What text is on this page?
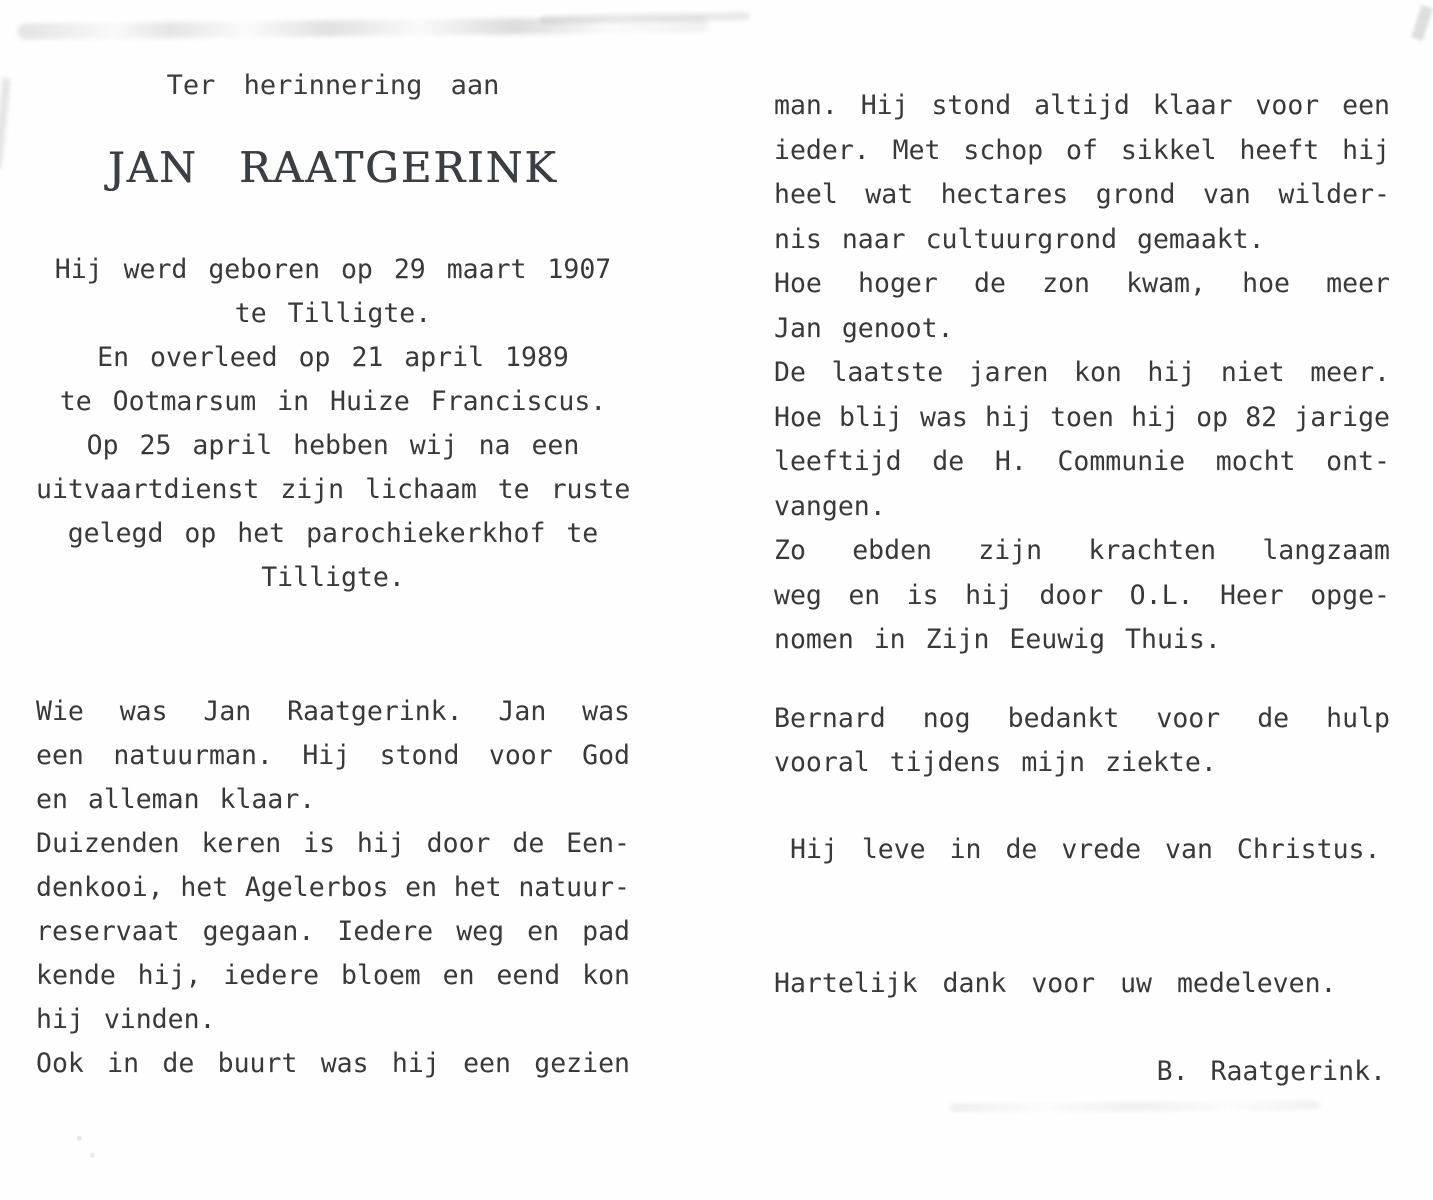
Ter herinnering aan
JAN RAATGERINK
Hij werd geboren op 29 maart 1907
te Tilligte.
En overleed op 21 april 1989
te Ootmarsum in Huize Franciscus.
Op 25 april hebben wij na een
uitvaartdienst zijn lichaam te ruste
gelegd op het parochiekerkhof te
Tilligte.
Wie was Jan Raatgerink. Jan was
een natuurman. Hij stond voor God
en alleman klaar.
Duizenden keren is hij door de Een-
denkooi, het Agelerbos en het natuur-
reservaat gegaan. Iedere weg en pad
kende hij, iedere bloem en eend kon
hij vinden.
Ook in de buurt was hij een gezien
man. Hij stond altijd klaar voor een
ieder. Met schop of sikkel heeft hij
heel wat hectares grond van wilder-
nis naar cultuurgrond gemaakt.
Hoe hoger de zon kwam, hoe meer
Jan genoot.
De laatste jaren kon hij niet meer.
Hoe blij was hij toen hij op 82 jarige
leeftijd de H. Communie mocht ont-
vangen.
Zo ebden zijn krachten langzaam
weg en is hij door O.L. Heer opge-
nomen in Zijn Eeuwig Thuis.
Bernard nog bedankt voor de hulp
vooral tijdens mijn ziekte.
Hij leve in de vrede van Christus.
Hartelijk dank voor uw medeleven.
B. Raatgerink.
